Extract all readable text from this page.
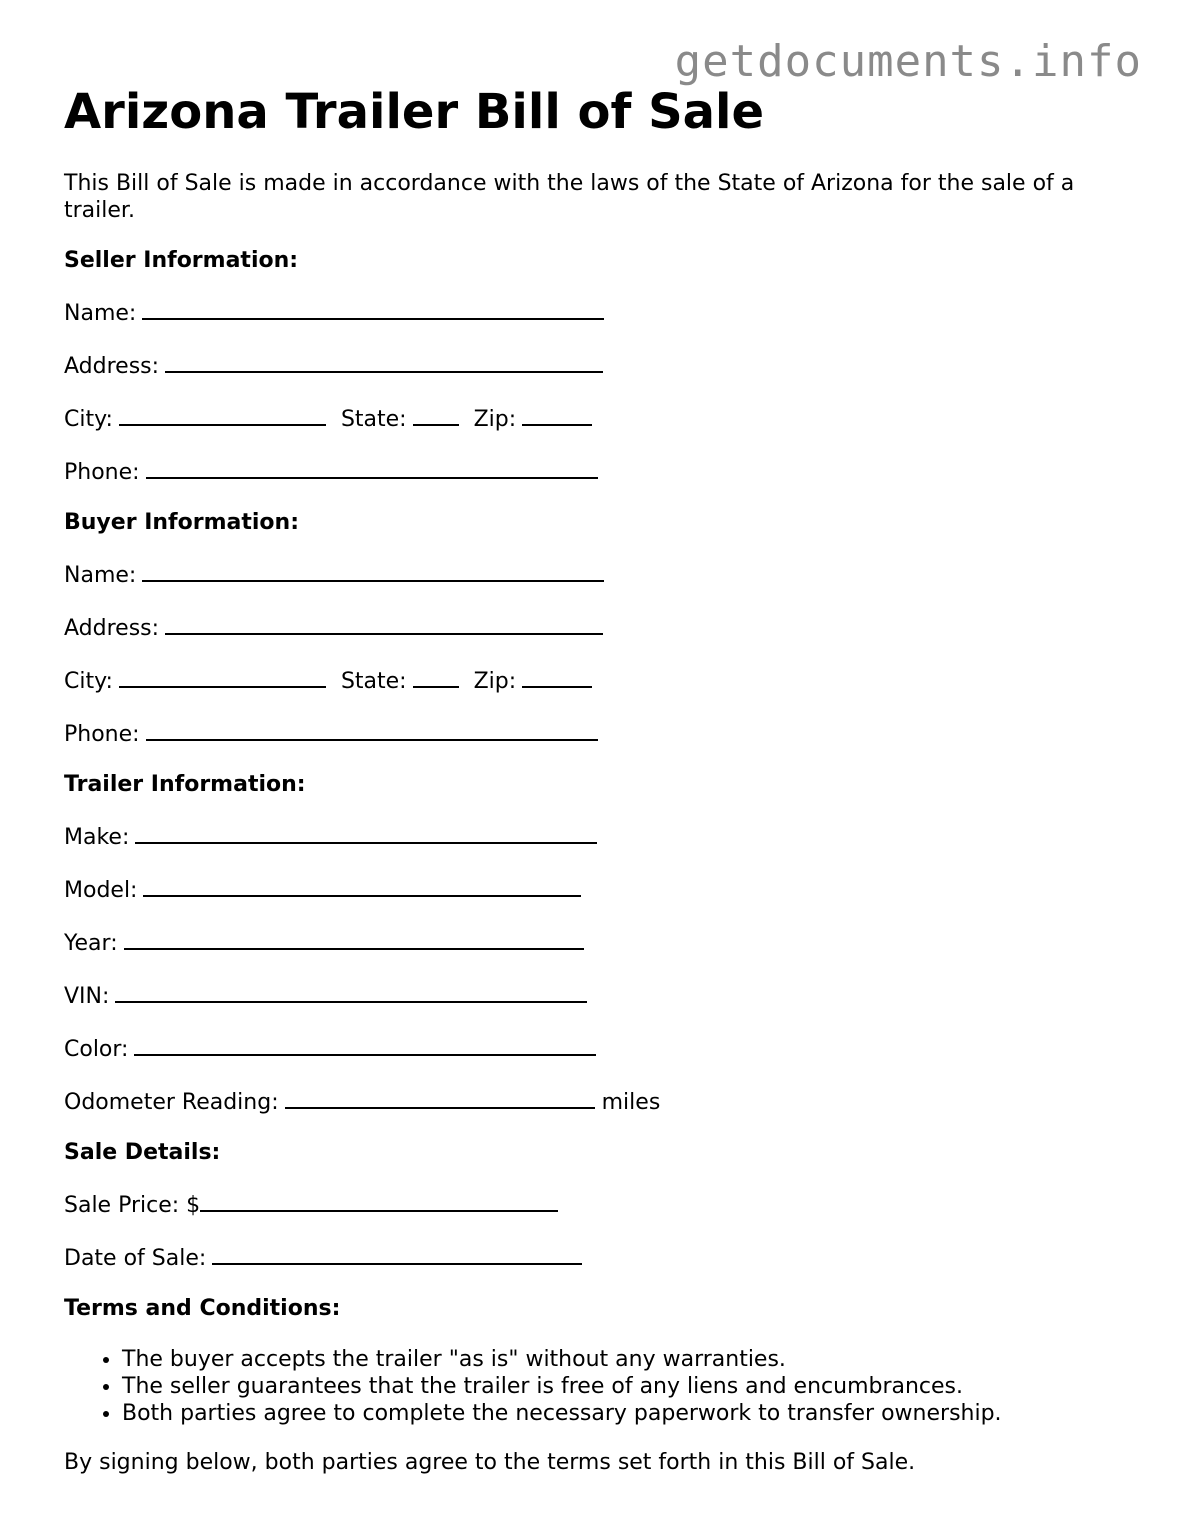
getdocuments.info
Arizona Trailer Bill of Sale
This Bill of Sale is made in accordance with the laws of the State of Arizona for the sale of a trailer.
Seller Information:
Name:
Address:
City:	State:	Zip:
Phone:
Buyer Information:
Name:
Address:
City:	State:	Zip:
Phone:
Trailer Information:
Make:
Model:
Year:
VIN:
Color:
Odometer Reading:	miles
Sale Details:
Sale Price: $
Date of Sale:
Terms and Conditions:
• The buyer accepts the trailer "as is" without any warranties.
• The seller guarantees that the trailer is free of any liens and encumbrances.
• Both parties agree to complete the necessary paperwork to transfer ownership.
By signing below, both parties agree to the terms set forth in this Bill of Sale.
